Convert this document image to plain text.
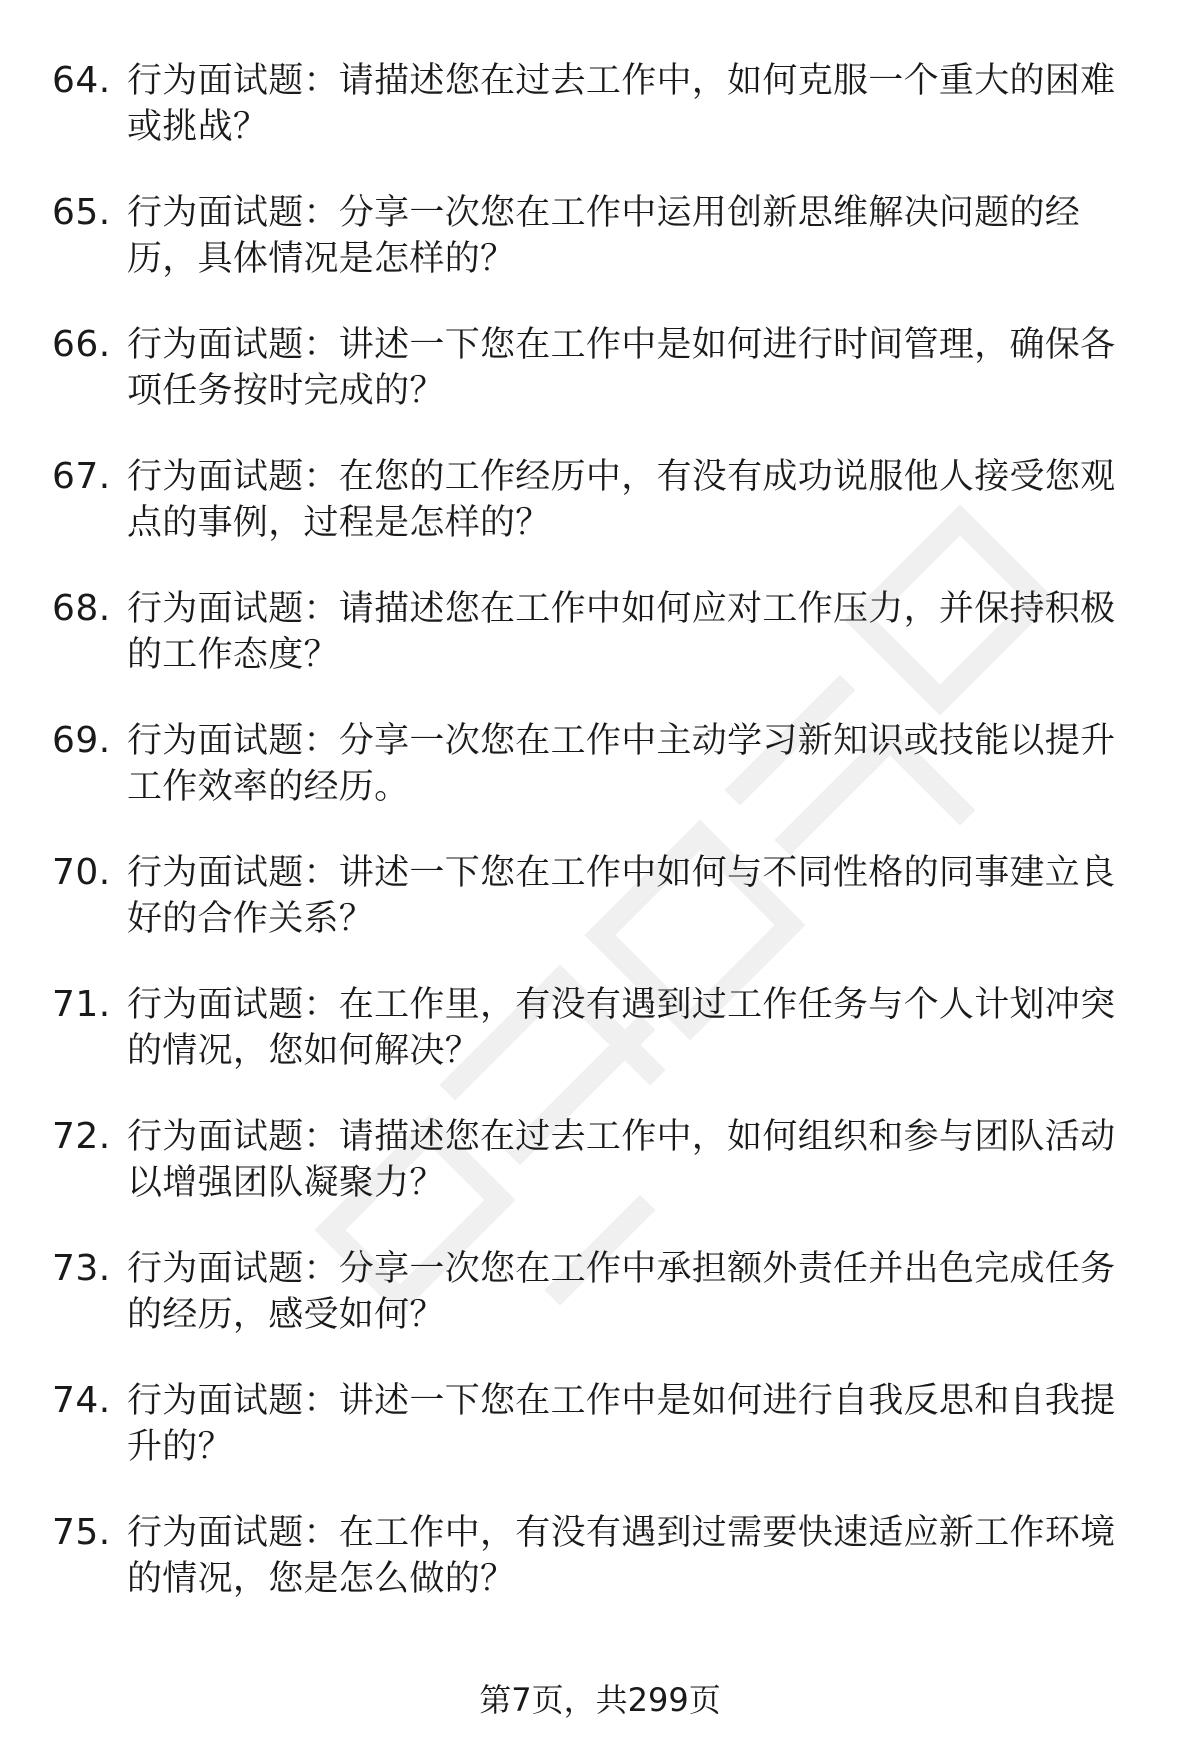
64. 行为面试题：请描述您在过去工作中，如何克服一个重大的困难
或挑战？
65. 行为面试题：分享一次您在工作中运用创新思维解决问题的经
历，具体情况是怎样的？
66. 行为面试题：讲述一下您在工作中是如何进行时间管理，确保各
项任务按时完成的？
67. 行为面试题：在您的工作经历中，有没有成功说服他人接受您观
点的事例，过程是怎样的？
68. 行为面试题：请描述您在工作中如何应对工作压力，并保持积极
的工作态度？
69. 行为面试题：分享一次您在工作中主动学习新知识或技能以提升
工作效率的经历。
70. 行为面试题：讲述一下您在工作中如何与不同性格的同事建立良
好的合作关系？
71. 行为面试题：在工作里，有没有遇到过工作任务与个人计划冲突
的情况，您如何解决？
72. 行为面试题：请描述您在过去工作中，如何组织和参与团队活动
以增强团队凝聚力？
73. 行为面试题：分享一次您在工作中承担额外责任并出色完成任务
的经历，感受如何？
74. 行为面试题：讲述一下您在工作中是如何进行自我反思和自我提
升的？
75. 行为面试题：在工作中，有没有遇到过需要快速适应新工作环境
的情况，您是怎么做的？
第7页，共299页
